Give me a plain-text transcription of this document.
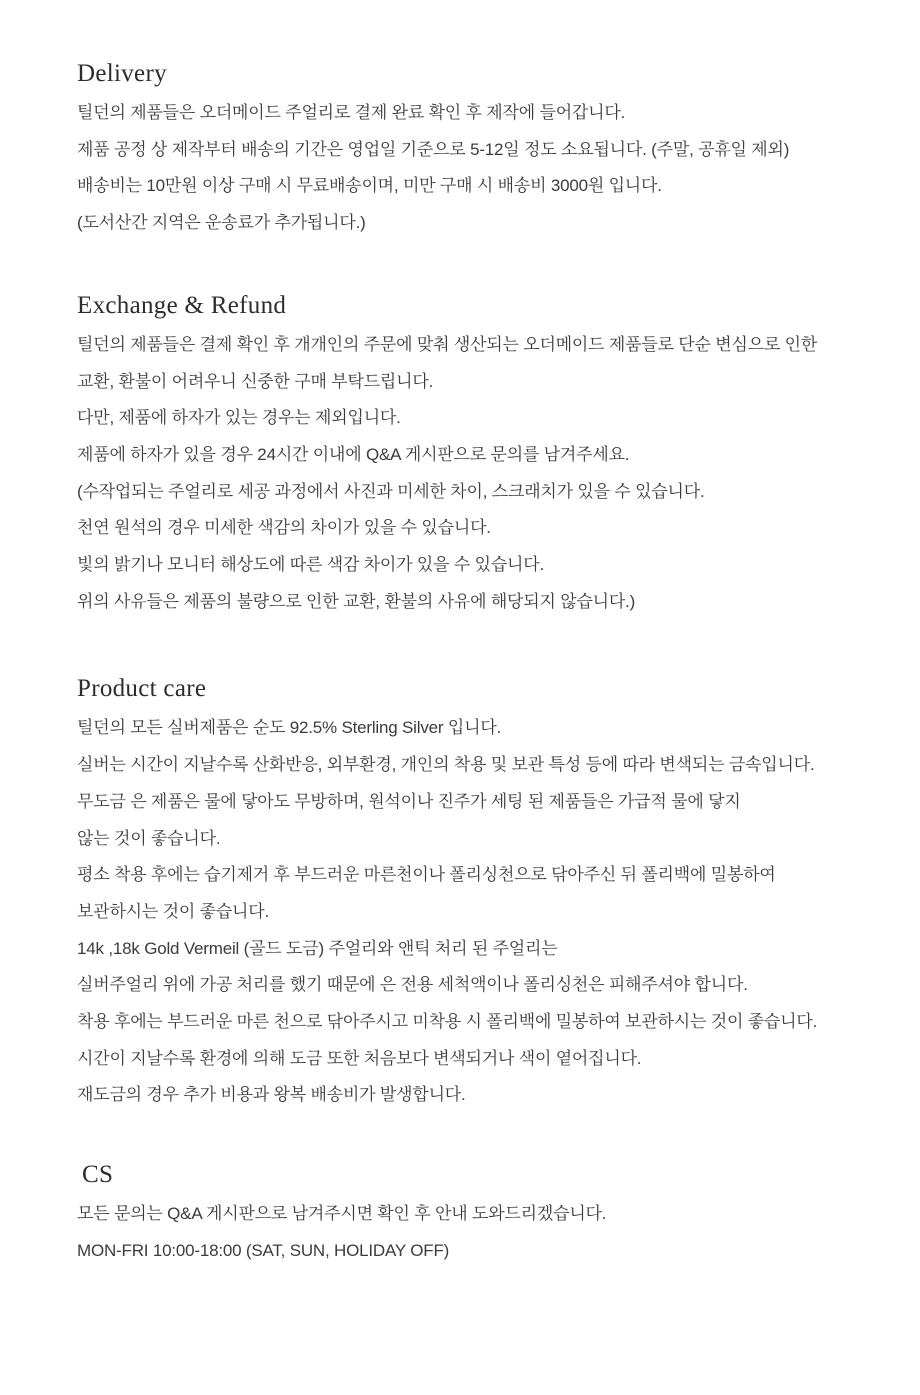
Delivery

틸던의 제품들은 오더메이드 주얼리로 결제 완료 확인 후 제작에 들어갑니다.

제품 공정 상 제작부터 배송의 기간은 영업일 기준으로 5-12일 정도 소요됩니다. (주말, 공휴일 제외)

배송비는 10만원 이상 구매 시 무료배송이며, 미만 구매 시 배송비 3000원 입니다.

(도서산간 지역은 운송료가 추가됩니다.)

Exchange & Refund

틸던의 제품들은 결제 확인 후 개개인의 주문에 맞춰 생산되는 오더메이드 제품들로 단순 변심으로 인한

교환, 환불이 어려우니 신중한 구매 부탁드립니다.

다만, 제품에 하자가 있는 경우는 제외입니다.

제품에 하자가 있을 경우 24시간 이내에 Q&A 게시판으로 문의를 남겨주세요.

(수작업되는 주얼리로 세공 과정에서 사진과 미세한 차이, 스크래치가 있을 수 있습니다.

천연 원석의 경우 미세한 색감의 차이가 있을 수 있습니다.

빛의 밝기나 모니터 해상도에 따른 색감 차이가 있을 수 있습니다.

위의 사유들은 제품의 불량으로 인한 교환, 환불의 사유에 해당되지 않습니다.)

Product care

틸던의 모든 실버제품은 순도 92.5% Sterling Silver 입니다.

실버는 시간이 지날수록 산화반응, 외부환경, 개인의 착용 및 보관 특성 등에 따라 변색되는 금속입니다.

무도금 은 제품은 물에 닿아도 무방하며, 원석이나 진주가 세팅 된 제품들은 가급적 물에 닿지

않는 것이 좋습니다.

평소 착용 후에는 습기제거 후 부드러운 마른천이나 폴리싱천으로 닦아주신 뒤 폴리백에 밀봉하여

보관하시는 것이 좋습니다.

14k ,18k Gold Vermeil (골드 도금) 주얼리와 앤틱 처리 된 주얼리는

실버주얼리 위에 가공 처리를 했기 때문에 은 전용 세척액이나 폴리싱천은 피해주셔야 합니다.

착용 후에는 부드러운 마른 천으로 닦아주시고 미착용 시 폴리백에 밀봉하여 보관하시는 것이 좋습니다.

시간이 지날수록 환경에 의해 도금 또한 처음보다 변색되거나 색이 옅어집니다.

재도금의 경우 추가 비용과 왕복 배송비가 발생합니다.

CS

모든 문의는 Q&A 게시판으로 남겨주시면 확인 후 안내 도와드리겠습니다.

MON-FRI 10:00-18:00 (SAT, SUN, HOLIDAY OFF)
